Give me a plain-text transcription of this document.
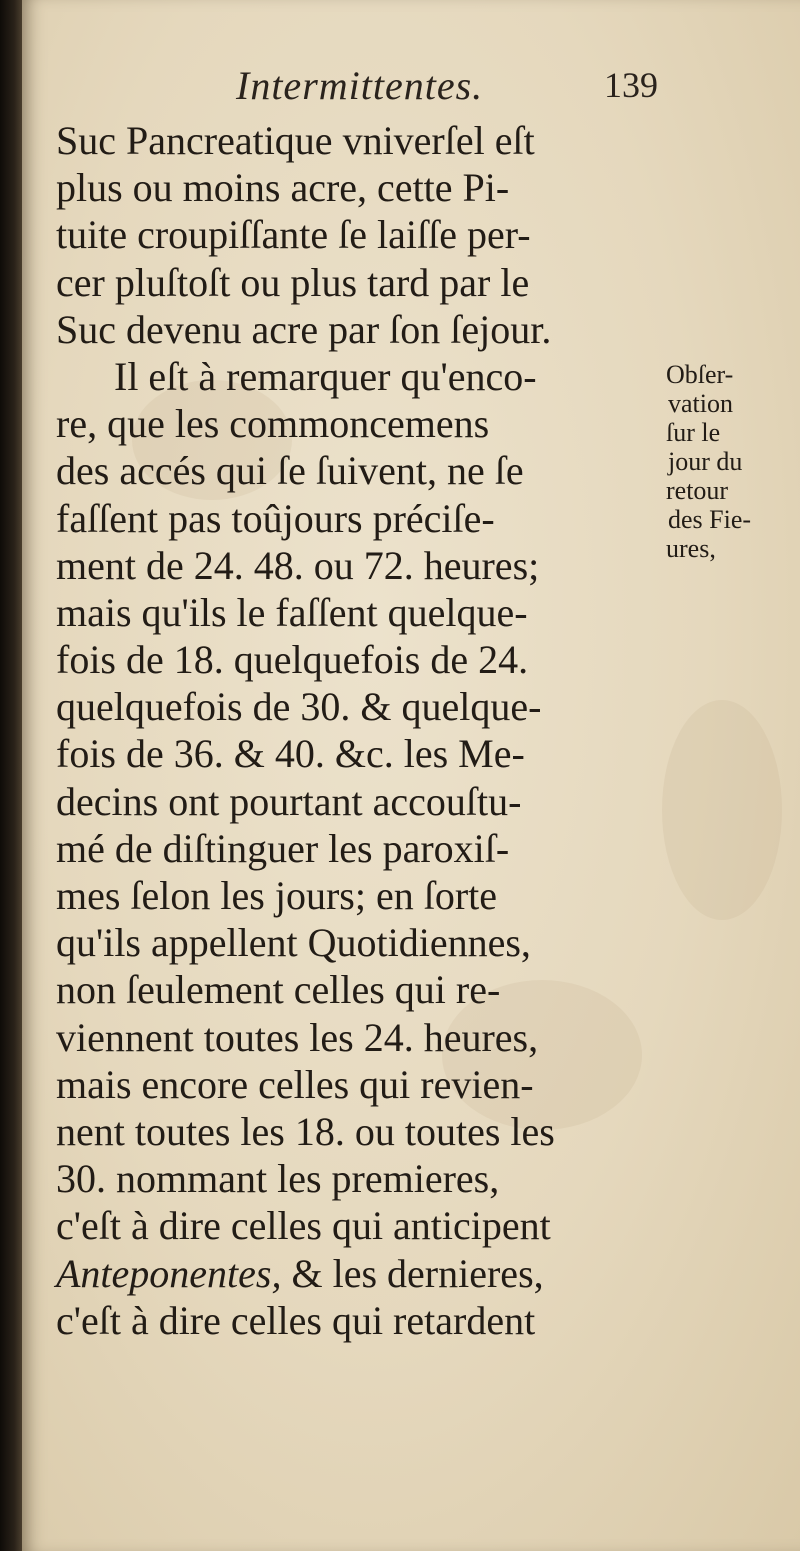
Intermittentes.	139
Suc Pancreatique vniverſel eſt
plus ou moins acre, cette Pi-
tuite croupiſſante ſe laiſſe per-
cer pluſtoſt ou plus tard par le
Suc devenu acre par ſon ſejour.
Il eſt à remarquer qu'enco-
re, que les commoncemens
des accés qui ſe ſuivent, ne ſe
faſſent pas toûjours préciſe-
ment de 24. 48. ou 72. heures;
mais qu'ils le faſſent quelque-
fois de 18. quelquefois de 24.
quelquefois de 30. & quelque-
fois de 36. & 40. &c. les Me-
decins ont pourtant accouſtu-
mé de diſtinguer les paroxiſ-
mes ſelon les jours; en ſorte
qu'ils appellent Quotidiennes,
non ſeulement celles qui re-
viennent toutes les 24. heures,
mais encore celles qui revien-
nent toutes les 18. ou toutes les
30. nommant les premieres,
c'eſt à dire celles qui anticipent
Anteponentes, & les dernieres,
c'eſt à dire celles qui retardent
Obſer-
vation
ſur le
jour du
retour
des Fie-
ures,
